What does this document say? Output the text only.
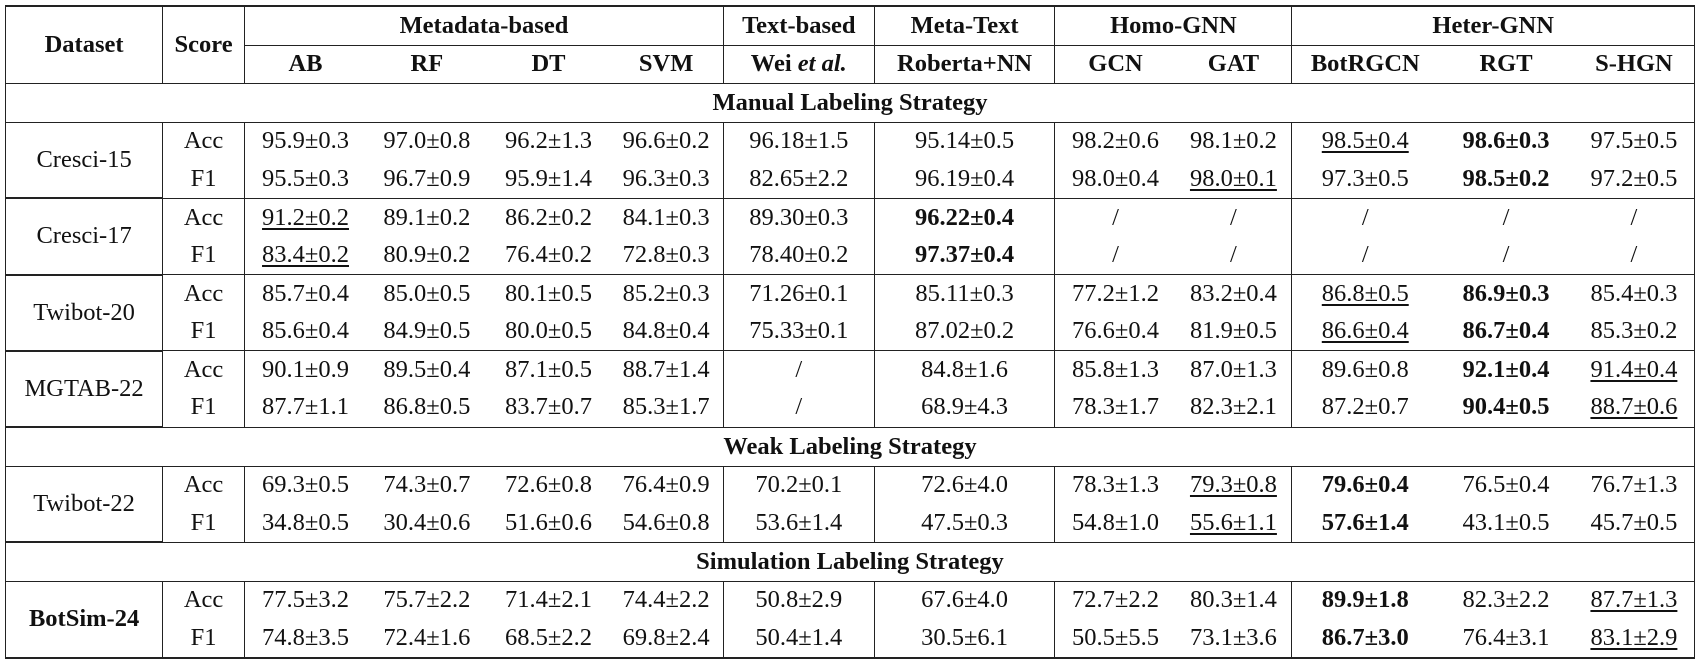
Dataset	Score	Metadata-based				Text-based	Meta-Text	Homo-GNN		Heter-GNN		
		AB	RF	DT	SVM	Wei et al.	Roberta+NN	GCN	GAT	BotRGCN	RGT	S-HGN
Manual Labeling Strategy												
Cresci-15	Acc	95.9±0.3	97.0±0.8	96.2±1.3	96.6±0.2	96.18±1.5	95.14±0.5	98.2±0.6	98.1±0.2	98.5±0.4	98.6±0.3	97.5±0.5
	F1	95.5±0.3	96.7±0.9	95.9±1.4	96.3±0.3	82.65±2.2	96.19±0.4	98.0±0.4	98.0±0.1	97.3±0.5	98.5±0.2	97.2±0.5
Cresci-17	Acc	91.2±0.2	89.1±0.2	86.2±0.2	84.1±0.3	89.30±0.3	96.22±0.4	/	/	/	/	/
	F1	83.4±0.2	80.9±0.2	76.4±0.2	72.8±0.3	78.40±0.2	97.37±0.4	/	/	/	/	/
Twibot-20	Acc	85.7±0.4	85.0±0.5	80.1±0.5	85.2±0.3	71.26±0.1	85.11±0.3	77.2±1.2	83.2±0.4	86.8±0.5	86.9±0.3	85.4±0.3
	F1	85.6±0.4	84.9±0.5	80.0±0.5	84.8±0.4	75.33±0.1	87.02±0.2	76.6±0.4	81.9±0.5	86.6±0.4	86.7±0.4	85.3±0.2
MGTAB-22	Acc	90.1±0.9	89.5±0.4	87.1±0.5	88.7±1.4	/	84.8±1.6	85.8±1.3	87.0±1.3	89.6±0.8	92.1±0.4	91.4±0.4
	F1	87.7±1.1	86.8±0.5	83.7±0.7	85.3±1.7	/	68.9±4.3	78.3±1.7	82.3±2.1	87.2±0.7	90.4±0.5	88.7±0.6
Weak Labeling Strategy												
Twibot-22	Acc	69.3±0.5	74.3±0.7	72.6±0.8	76.4±0.9	70.2±0.1	72.6±4.0	78.3±1.3	79.3±0.8	79.6±0.4	76.5±0.4	76.7±1.3
	F1	34.8±0.5	30.4±0.6	51.6±0.6	54.6±0.8	53.6±1.4	47.5±0.3	54.8±1.0	55.6±1.1	57.6±1.4	43.1±0.5	45.7±0.5
Simulation Labeling Strategy												
BotSim-24	Acc	77.5±3.2	75.7±2.2	71.4±2.1	74.4±2.2	50.8±2.9	67.6±4.0	72.7±2.2	80.3±1.4	89.9±1.8	82.3±2.2	87.7±1.3
	F1	74.8±3.5	72.4±1.6	68.5±2.2	69.8±2.4	50.4±1.4	30.5±6.1	50.5±5.5	73.1±3.6	86.7±3.0	76.4±3.1	83.1±2.9
